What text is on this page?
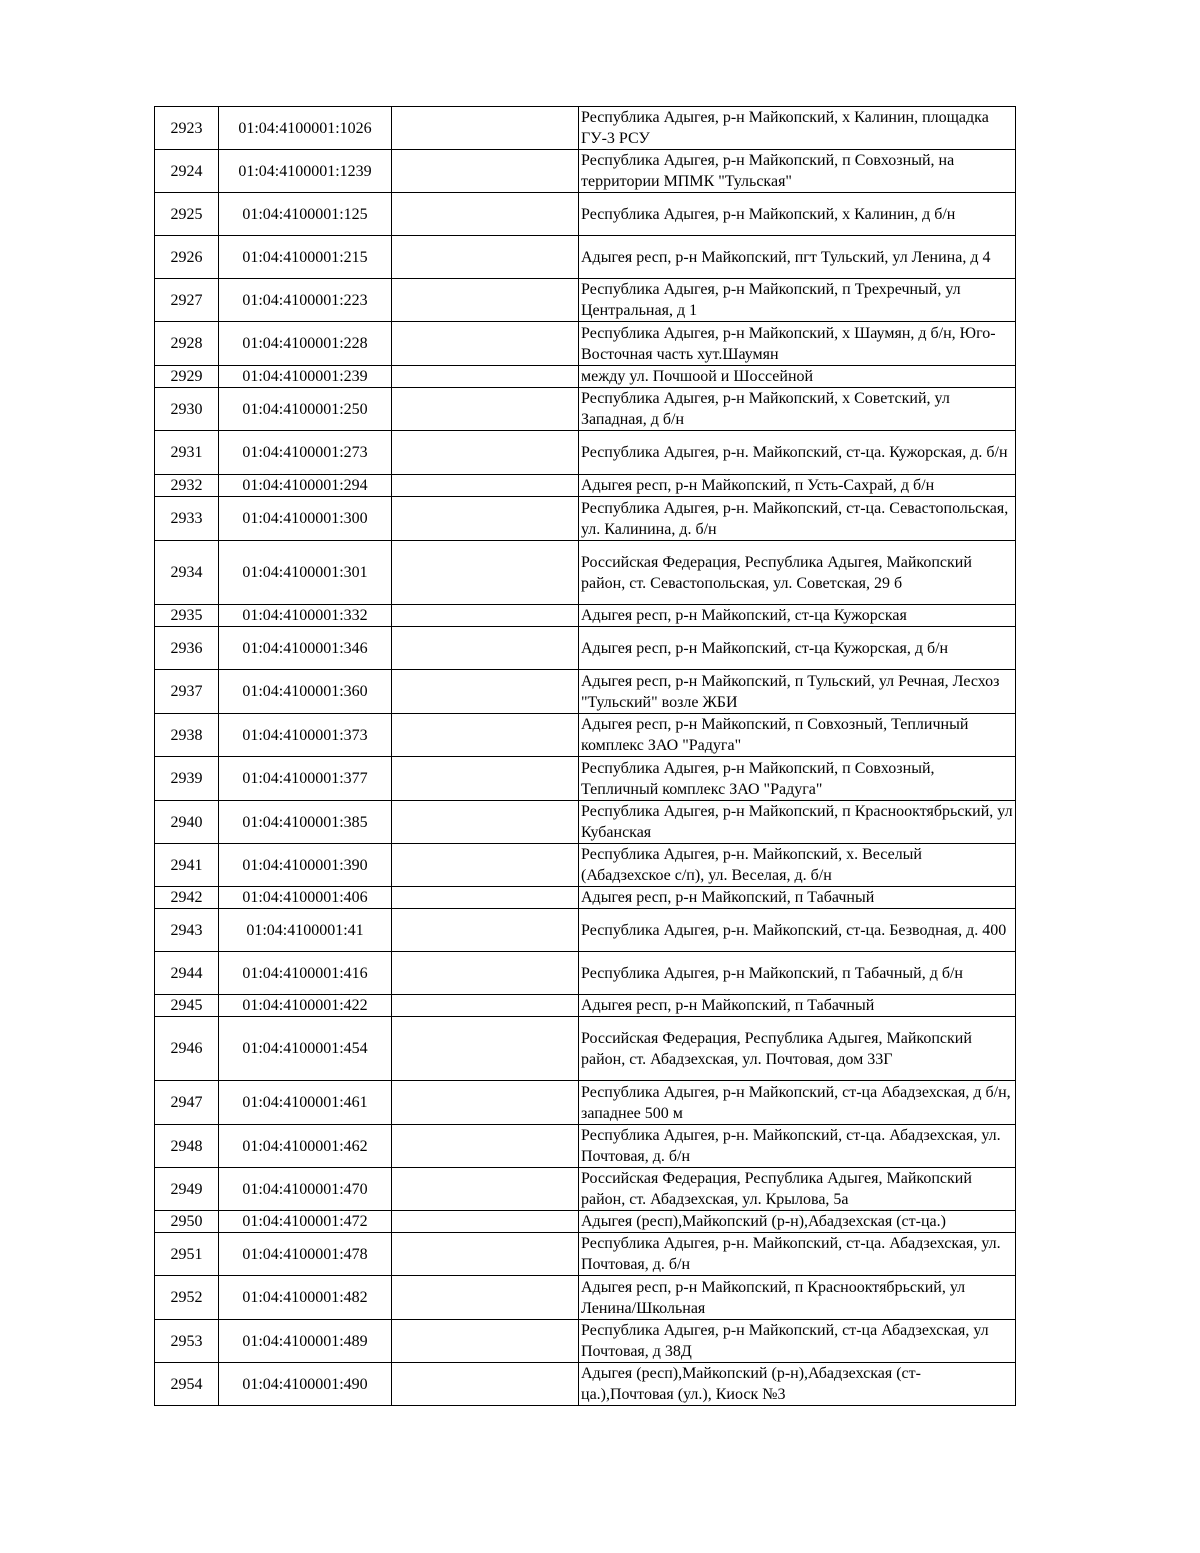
2923	01:04:4100001:1026		Республика Адыгея, р-н Майкопский, х Калинин, площадка ГУ-3 РСУ
2924	01:04:4100001:1239		Республика Адыгея, р-н Майкопский, п Совхозный, на территории МПМК "Тульская"
2925	01:04:4100001:125		Республика Адыгея, р-н Майкопский, х Калинин, д б/н
2926	01:04:4100001:215		Адыгея респ, р-н Майкопский, пгт Тульский, ул Ленина, д 4
2927	01:04:4100001:223		Республика Адыгея, р-н Майкопский, п Трехречный, ул Центральная, д 1
2928	01:04:4100001:228		Республика Адыгея, р-н Майкопский, х Шаумян, д б/н, Юго-Восточная часть хут.Шаумян
2929	01:04:4100001:239		между ул. Почшоой и Шоссейной
2930	01:04:4100001:250		Республика Адыгея, р-н Майкопский, х Советский, ул Западная, д б/н
2931	01:04:4100001:273		Республика Адыгея, р-н. Майкопский, ст-ца. Кужорская, д. б/н
2932	01:04:4100001:294		Адыгея респ, р-н Майкопский, п Усть-Сахрай, д б/н
2933	01:04:4100001:300		Республика Адыгея, р-н. Майкопский, ст-ца. Севастопольская, ул. Калинина, д. б/н
2934	01:04:4100001:301		Российская Федерация, Республика Адыгея, Майкопский район, ст. Севастопольская, ул. Советская, 29 б
2935	01:04:4100001:332		Адыгея респ, р-н Майкопский, ст-ца Кужорская
2936	01:04:4100001:346		Адыгея респ, р-н Майкопский, ст-ца Кужорская, д б/н
2937	01:04:4100001:360		Адыгея респ, р-н Майкопский, п Тульский, ул Речная, Лесхоз "Тульский" возле ЖБИ
2938	01:04:4100001:373		Адыгея респ, р-н Майкопский, п Совхозный, Тепличный комплекс ЗАО "Радуга"
2939	01:04:4100001:377		Республика Адыгея, р-н Майкопский, п Совхозный, Тепличный комплекс ЗАО "Радуга"
2940	01:04:4100001:385		Республика Адыгея, р-н Майкопский, п Краснооктябрьский, ул Кубанская
2941	01:04:4100001:390		Республика Адыгея, р-н. Майкопский, х. Веселый (Абадзехское с/п), ул. Веселая, д. б/н
2942	01:04:4100001:406		Адыгея респ, р-н Майкопский, п Табачный
2943	01:04:4100001:41		Республика Адыгея, р-н. Майкопский, ст-ца. Безводная, д. 400
2944	01:04:4100001:416		Республика Адыгея, р-н Майкопский, п Табачный, д б/н
2945	01:04:4100001:422		Адыгея респ, р-н Майкопский, п Табачный
2946	01:04:4100001:454		Российская Федерация, Республика Адыгея, Майкопский район, ст. Абадзехская, ул. Почтовая, дом 33Г
2947	01:04:4100001:461		Республика Адыгея, р-н Майкопский, ст-ца Абадзехская, д б/н, западнее 500 м
2948	01:04:4100001:462		Республика Адыгея, р-н. Майкопский, ст-ца. Абадзехская, ул. Почтовая, д. б/н
2949	01:04:4100001:470		Российская Федерация, Республика Адыгея, Майкопский район, ст. Абадзехская, ул. Крылова, 5а
2950	01:04:4100001:472		Адыгея (респ),Майкопский (р-н),Абадзехская (ст-ца.)
2951	01:04:4100001:478		Республика Адыгея, р-н. Майкопский, ст-ца. Абадзехская, ул. Почтовая, д. б/н
2952	01:04:4100001:482		Адыгея респ, р-н Майкопский, п Краснооктябрьский, ул Ленина/Школьная
2953	01:04:4100001:489		Республика Адыгея, р-н Майкопский, ст-ца Абадзехская, ул Почтовая, д 38Д
2954	01:04:4100001:490		Адыгея (респ),Майкопский (р-н),Абадзехская (ст-ца.),Почтовая (ул.), Киоск №3
